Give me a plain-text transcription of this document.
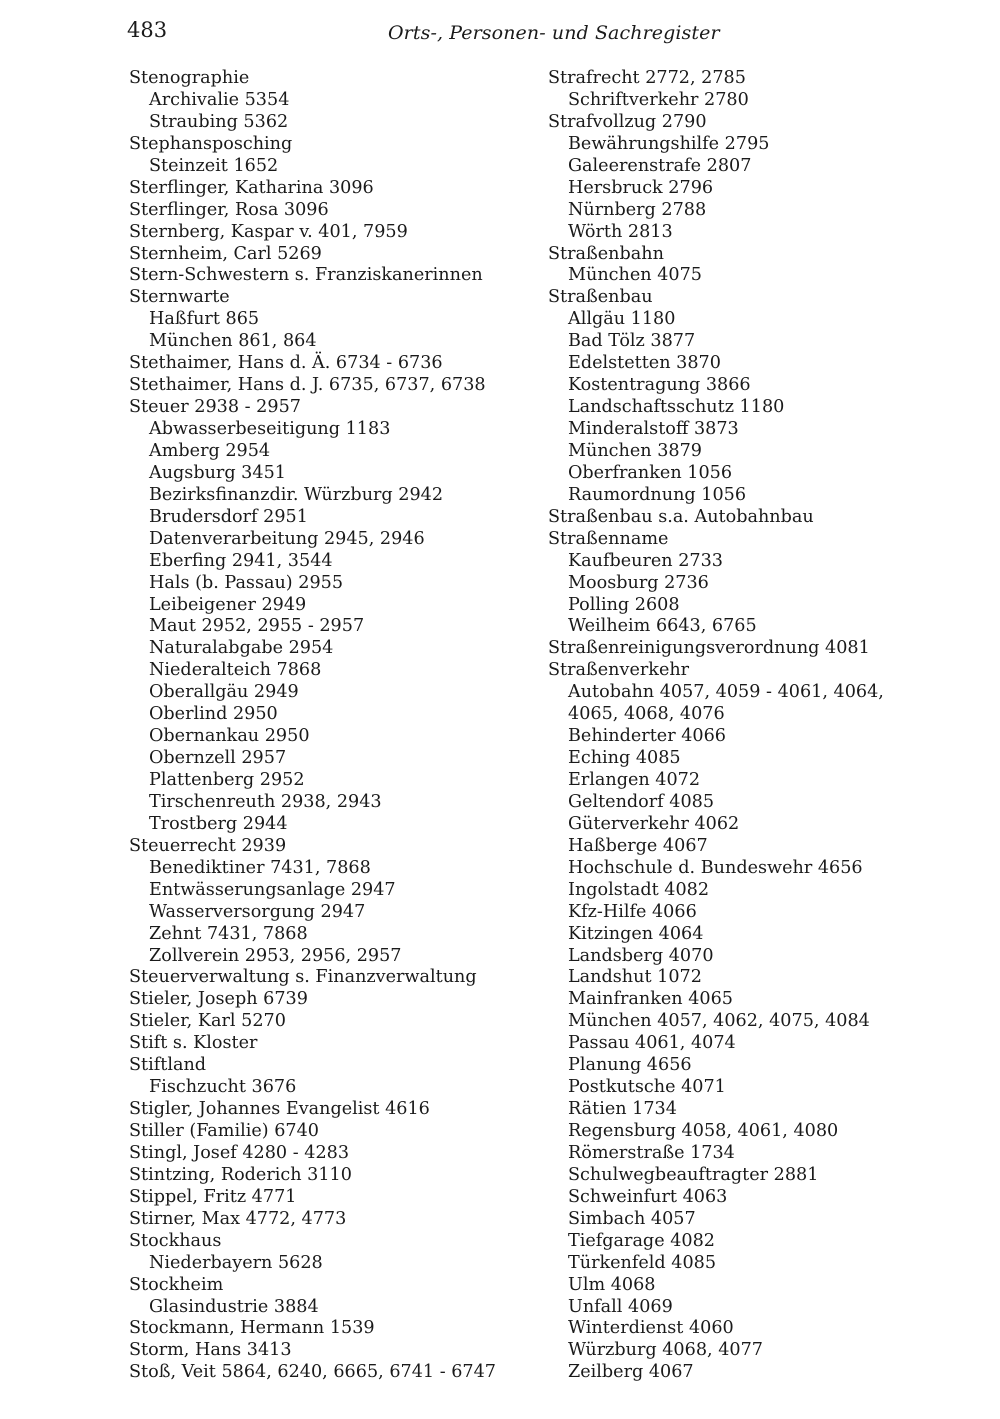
483	Orts-, Personen- und Sachregister
Stenographie
Archivalie 5354
Straubing 5362
Stephansposching
Steinzeit 1652
Sterflinger, Katharina 3096
Sterflinger, Rosa 3096
Sternberg, Kaspar v. 401, 7959
Sternheim, Carl 5269
Stern-Schwestern s. Franziskanerinnen
Sternwarte
Haßfurt 865
München 861, 864
Stethaimer, Hans d. Ä. 6734 - 6736
Stethaimer, Hans d. J. 6735, 6737, 6738
Steuer 2938 - 2957
Abwasserbeseitigung 1183
Amberg 2954
Augsburg 3451
Bezirksfinanzdir. Würzburg 2942
Brudersdorf 2951
Datenverarbeitung 2945, 2946
Eberfing 2941, 3544
Hals (b. Passau) 2955
Leibeigener 2949
Maut 2952, 2955 - 2957
Naturalabgabe 2954
Niederalteich 7868
Oberallgäu 2949
Oberlind 2950
Obernankau 2950
Obernzell 2957
Plattenberg 2952
Tirschenreuth 2938, 2943
Trostberg 2944
Steuerrecht 2939
Benediktiner 7431, 7868
Entwässerungsanlage 2947
Wasserversorgung 2947
Zehnt 7431, 7868
Zollverein 2953, 2956, 2957
Steuerverwaltung s. Finanzverwaltung
Stieler, Joseph 6739
Stieler, Karl 5270
Stift s. Kloster
Stiftland
Fischzucht 3676
Stigler, Johannes Evangelist 4616
Stiller (Familie) 6740
Stingl, Josef 4280 - 4283
Stintzing, Roderich 3110
Stippel, Fritz 4771
Stirner, Max 4772, 4773
Stockhaus
Niederbayern 5628
Stockheim
Glasindustrie 3884
Stockmann, Hermann 1539
Storm, Hans 3413
Stoß, Veit 5864, 6240, 6665, 6741 - 6747
Strafrecht 2772, 2785
Schriftverkehr 2780
Strafvollzug 2790
Bewährungshilfe 2795
Galeerenstrafe 2807
Hersbruck 2796
Nürnberg 2788
Wörth 2813
Straßenbahn
München 4075
Straßenbau
Allgäu 1180
Bad Tölz 3877
Edelstetten 3870
Kostentragung 3866
Landschaftsschutz 1180
Minderalstoff 3873
München 3879
Oberfranken 1056
Raumordnung 1056
Straßenbau s.a. Autobahnbau
Straßenname
Kaufbeuren 2733
Moosburg 2736
Polling 2608
Weilheim 6643, 6765
Straßenreinigungsverordnung 4081
Straßenverkehr
Autobahn 4057, 4059 - 4061, 4064,
4065, 4068, 4076
Behinderter 4066
Eching 4085
Erlangen 4072
Geltendorf 4085
Güterverkehr 4062
Haßberge 4067
Hochschule d. Bundeswehr 4656
Ingolstadt 4082
Kfz-Hilfe 4066
Kitzingen 4064
Landsberg 4070
Landshut 1072
Mainfranken 4065
München 4057, 4062, 4075, 4084
Passau 4061, 4074
Planung 4656
Postkutsche 4071
Rätien 1734
Regensburg 4058, 4061, 4080
Römerstraße 1734
Schulwegbeauftragter 2881
Schweinfurt 4063
Simbach 4057
Tiefgarage 4082
Türkenfeld 4085
Ulm 4068
Unfall 4069
Winterdienst 4060
Würzburg 4068, 4077
Zeilberg 4067
